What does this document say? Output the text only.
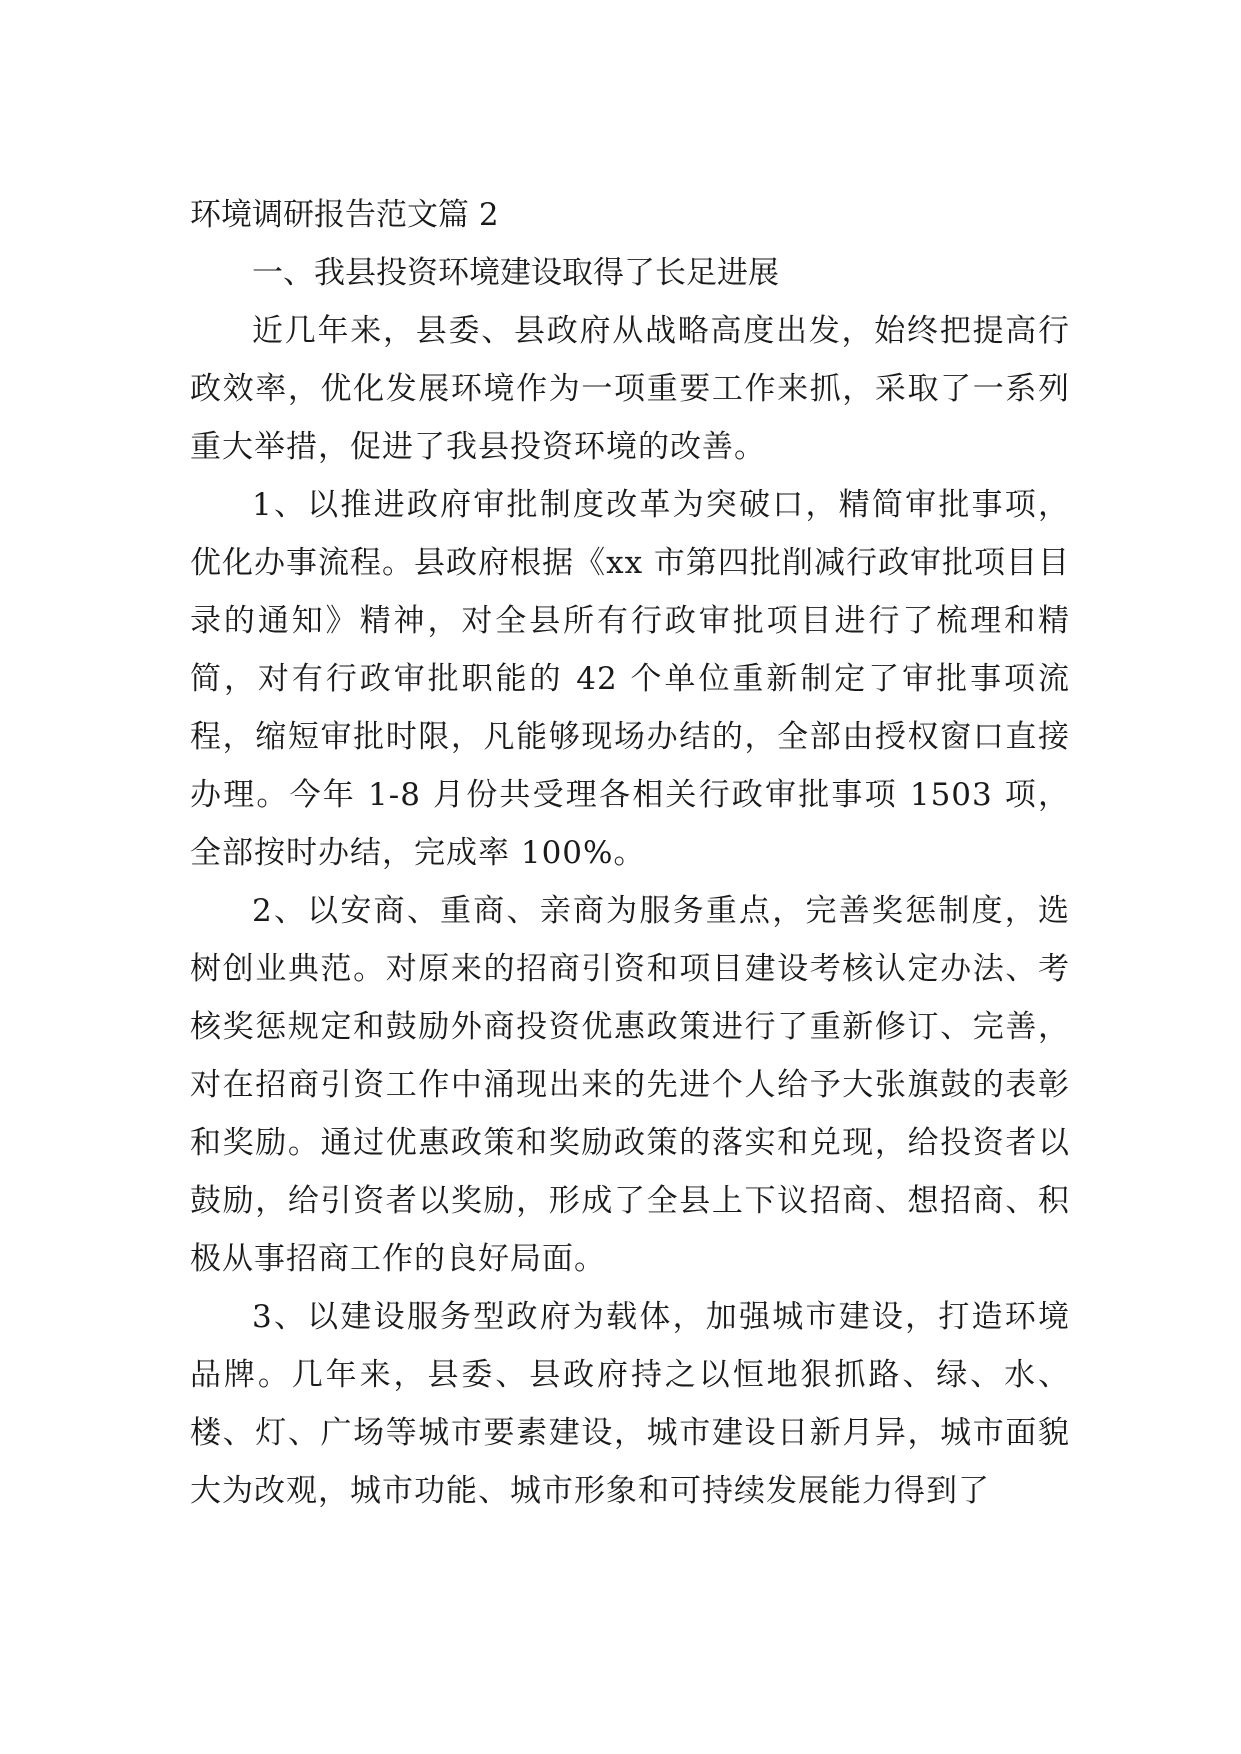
环境调研报告范文篇 2

一、我县投资环境建设取得了长足进展

近几年来，县委、县政府从战略高度出发，始终把提高行政效率，优化发展环境作为一项重要工作来抓，采取了一系列重大举措，促进了我县投资环境的改善。

1、以推进政府审批制度改革为突破口，精简审批事项，优化办事流程。县政府根据《xx 市第四批削减行政审批项目目录的通知》精神，对全县所有行政审批项目进行了梳理和精简，对有行政审批职能的 42 个单位重新制定了审批事项流程，缩短审批时限，凡能够现场办结的，全部由授权窗口直接办理。今年 1-8 月份共受理各相关行政审批事项 1503 项，全部按时办结，完成率 100%。

2、以安商、重商、亲商为服务重点，完善奖惩制度，选树创业典范。对原来的招商引资和项目建设考核认定办法、考核奖惩规定和鼓励外商投资优惠政策进行了重新修订、完善，对在招商引资工作中涌现出来的先进个人给予大张旗鼓的表彰和奖励。通过优惠政策和奖励政策的落实和兑现，给投资者以鼓励，给引资者以奖励，形成了全县上下议招商、想招商、积极从事招商工作的良好局面。

3、以建设服务型政府为载体，加强城市建设，打造环境品牌。几年来，县委、县政府持之以恒地狠抓路、绿、水、楼、灯、广场等城市要素建设，城市建设日新月异，城市面貌大为改观，城市功能、城市形象和可持续发展能力得到了
